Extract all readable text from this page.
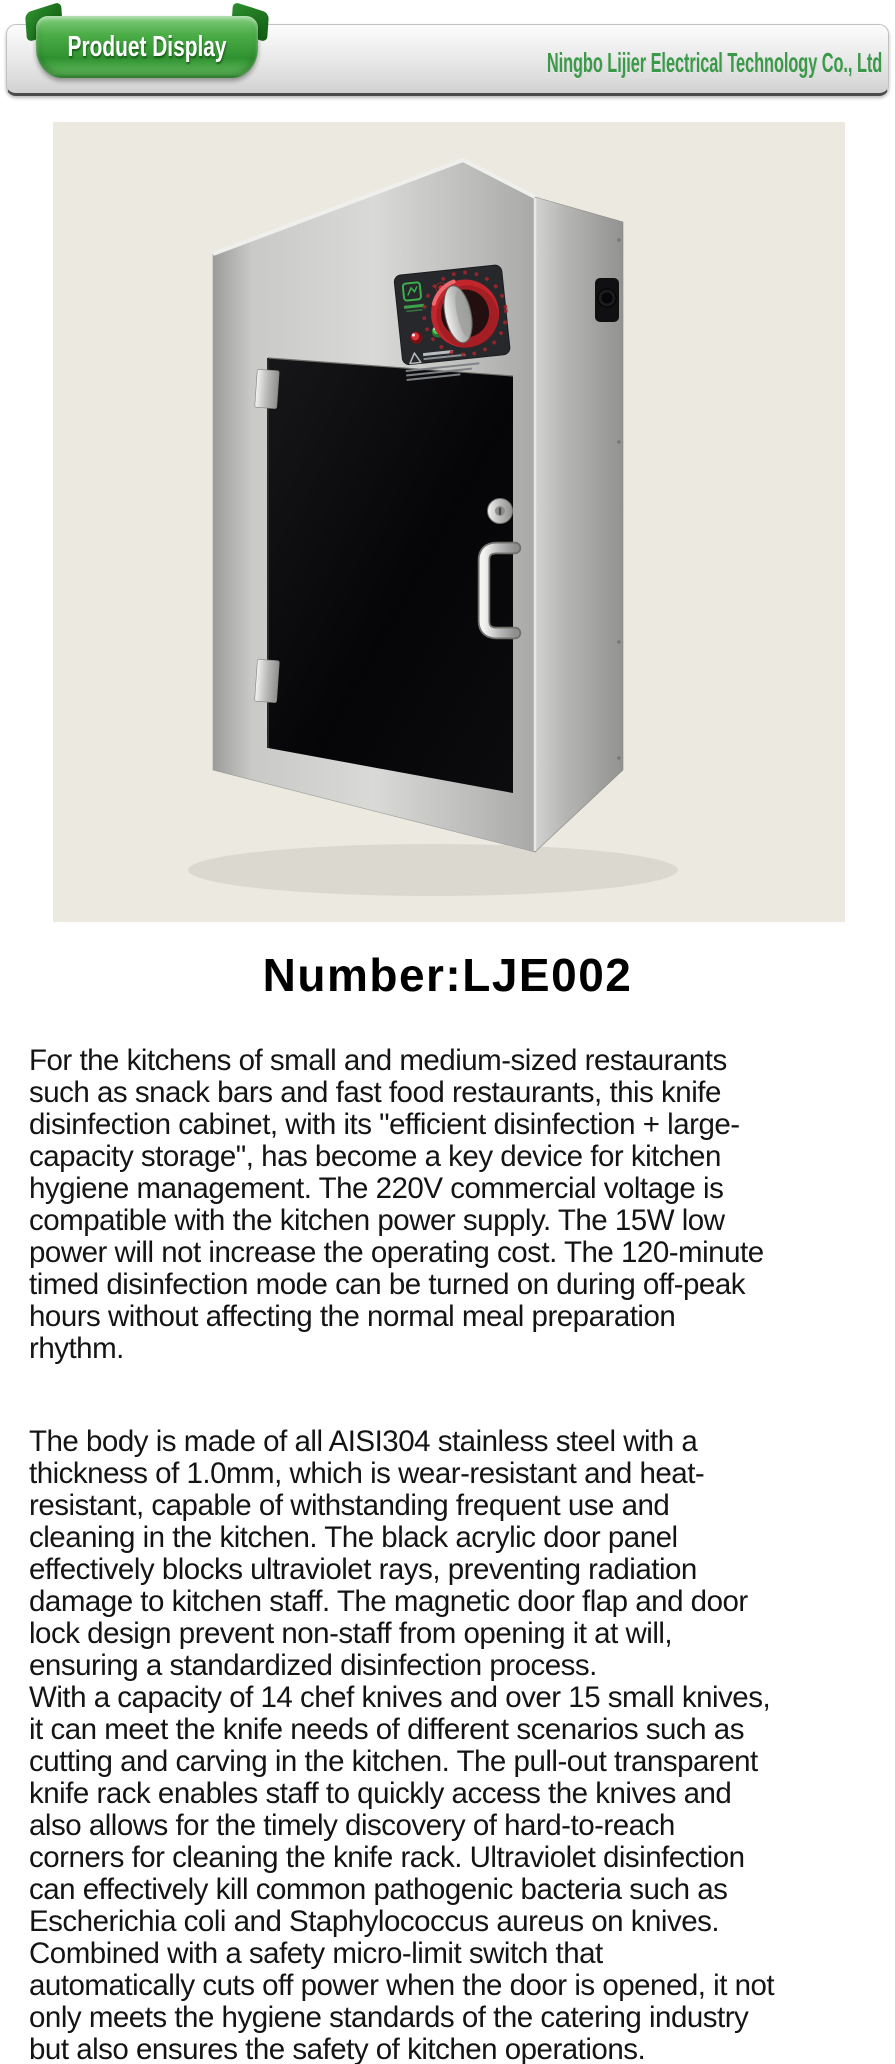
Produet Display	Ningbo Lijier Electrical Technology Co., Ltd
Number:LJE002
For the kitchens of small and medium-sized restaurants
such as snack bars and fast food restaurants, this knife
disinfection cabinet, with its "efficient disinfection + large-
capacity storage", has become a key device for kitchen
hygiene management. The 220V commercial voltage is
compatible with the kitchen power supply. The 15W low
power will not increase the operating cost. The 120-minute
timed disinfection mode can be turned on during off-peak
hours without affecting the normal meal preparation
rhythm.
The body is made of all AISI304 stainless steel with a
thickness of 1.0mm, which is wear-resistant and heat-
resistant, capable of withstanding frequent use and
cleaning in the kitchen. The black acrylic door panel
effectively blocks ultraviolet rays, preventing radiation
damage to kitchen staff. The magnetic door flap and door
lock design prevent non-staff from opening it at will,
ensuring a standardized disinfection process.
With a capacity of 14 chef knives and over 15 small knives,
it can meet the knife needs of different scenarios such as
cutting and carving in the kitchen. The pull-out transparent
knife rack enables staff to quickly access the knives and
also allows for the timely discovery of hard-to-reach
corners for cleaning the knife rack. Ultraviolet disinfection
can effectively kill common pathogenic bacteria such as
Escherichia coli and Staphylococcus aureus on knives.
Combined with a safety micro-limit switch that
automatically cuts off power when the door is opened, it not
only meets the hygiene standards of the catering industry
but also ensures the safety of kitchen operations.
